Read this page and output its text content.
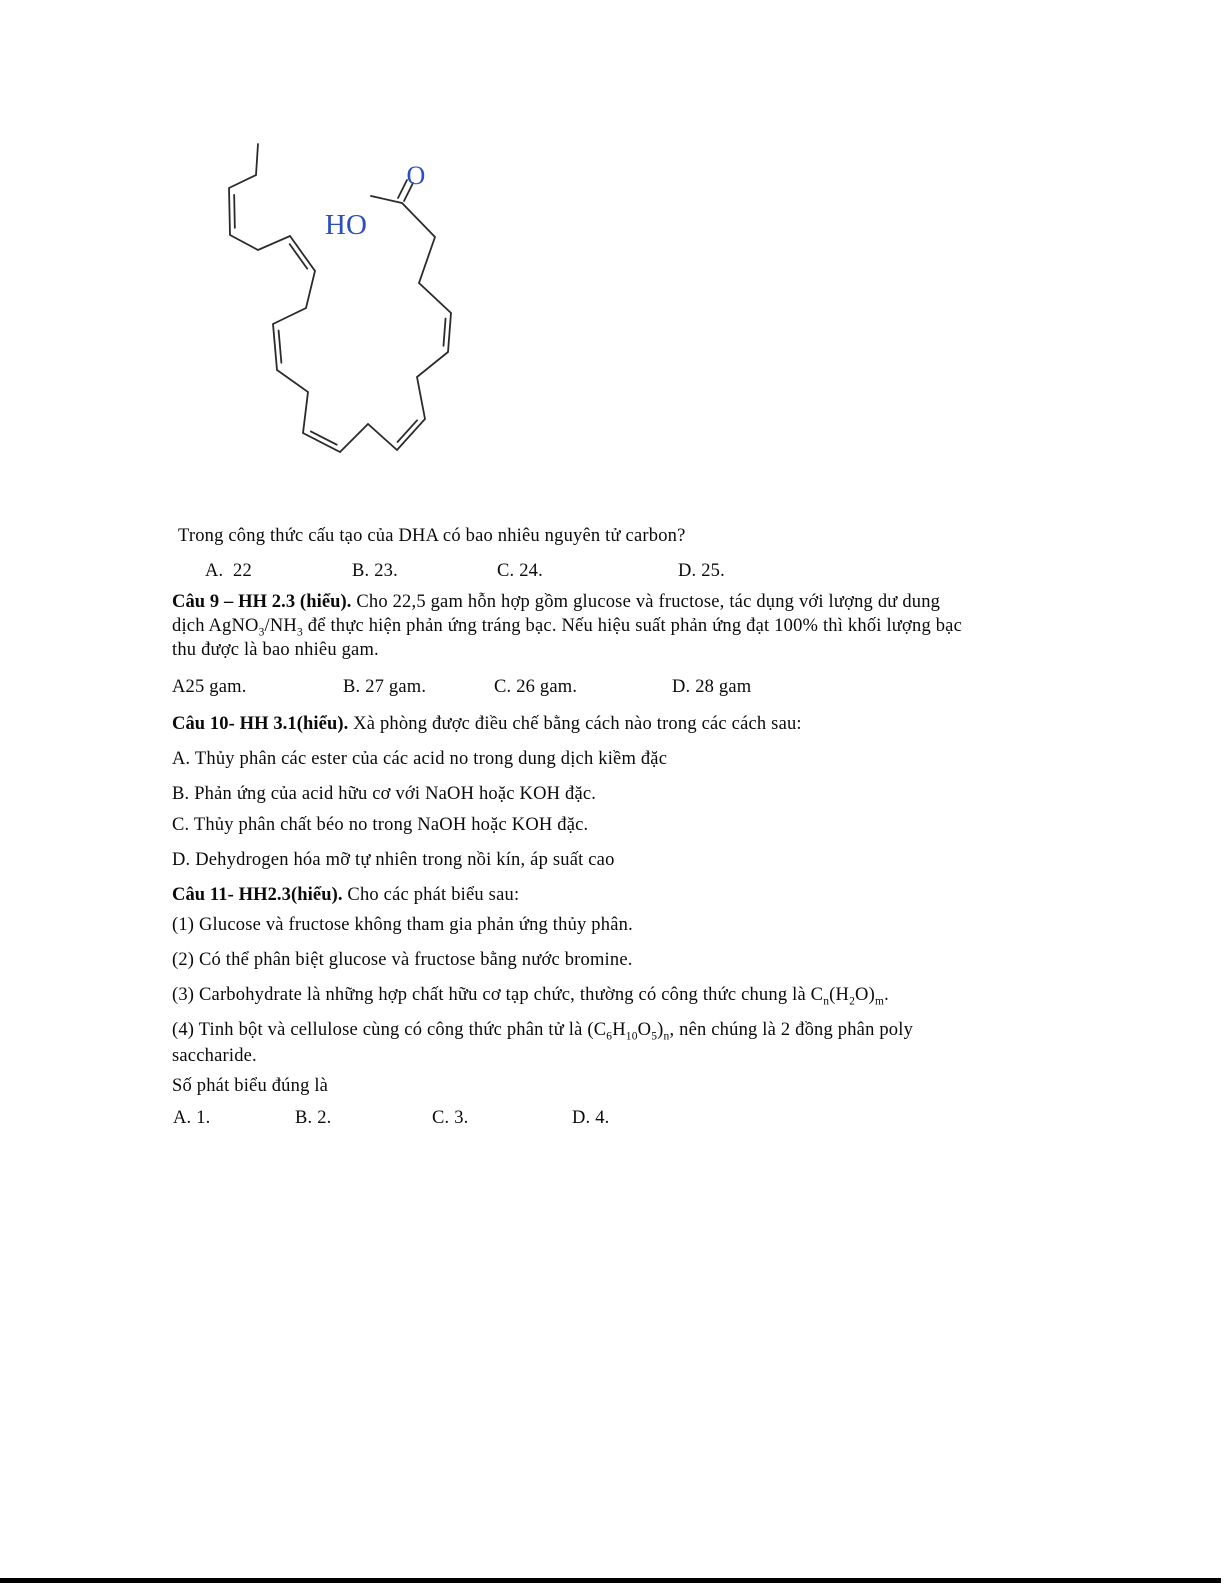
HO
O
Trong công thức cấu tạo của DHA có bao nhiêu nguyên tử carbon?
A.  22	B. 23.	C. 24.	D. 25.
Câu 9 – HH 2.3 (hiểu). Cho 22,5 gam hỗn hợp gồm glucose và fructose, tác dụng với lượng dư dung
dịch $AgNO_3/NH_3$ để thực hiện phản ứng tráng bạc. Nếu hiệu suất phản ứng đạt 100% thì khối lượng bạc
thu được là bao nhiêu gam.
A25 gam.	B. 27 gam.	C. 26 gam.	D. 28 gam
Câu 10- HH 3.1(hiểu). Xà phòng được điều chế bằng cách nào trong các cách sau:
A. Thủy phân các ester của các acid no trong dung dịch kiềm đặc
B. Phản ứng của acid hữu cơ với NaOH hoặc KOH đặc.
C. Thủy phân chất béo no trong NaOH hoặc KOH đặc.
D. Dehydrogen hóa mỡ tự nhiên trong nồi kín, áp suất cao
Câu 11- HH2.3(hiểu). Cho các phát biểu sau:
(1) Glucose và fructose không tham gia phản ứng thủy phân.
(2) Có thể phân biệt glucose và fructose bằng nước bromine.
(3) Carbohydrate là những hợp chất hữu cơ tạp chức, thường có công thức chung là $C_n(H_2O)_m$.
(4) Tinh bột và cellulose cùng có công thức phân tử là $(C_6H_{10}O_5)_n$, nên chúng là 2 đồng phân poly
saccharide.
Số phát biểu đúng là
A. 1.	B. 2.	C. 3.	D. 4.
